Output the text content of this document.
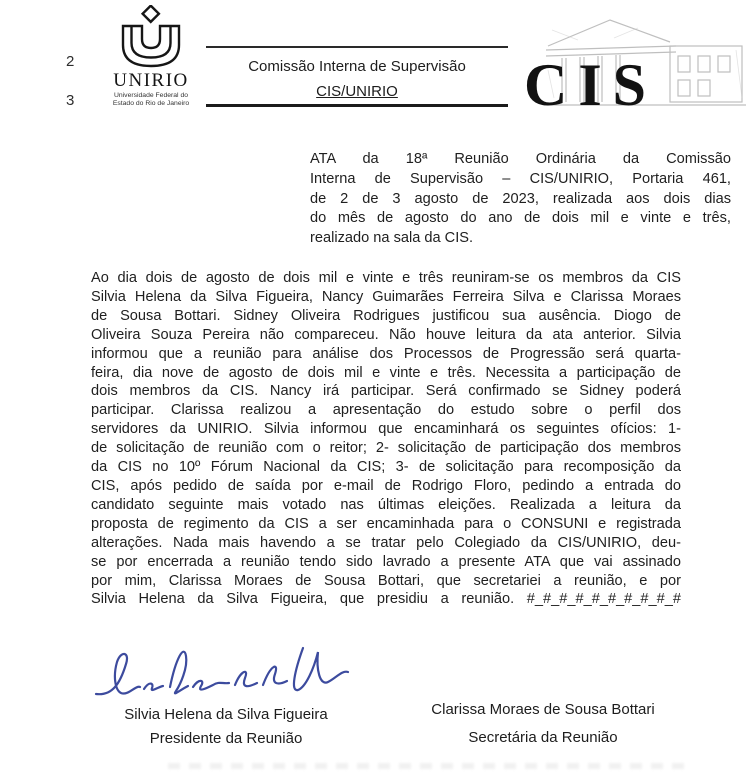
2
3
UNIRIO
Universidade Federal do
Estado do Rio de Janeiro
Comissão Interna de Supervisão
CIS/UNIRIO	CIS
ATA da 18ª Reunião Ordinária da Comissão
Interna de Supervisão – CIS/UNIRIO, Portaria 461,
de 2 de 3 agosto de 2023, realizada aos dois dias
do mês de agosto do ano de dois mil e vinte e três,
realizado na sala da CIS.
Ao dia dois de agosto de dois mil e vinte e três reuniram-se os membros da CIS
Silvia Helena da Silva Figueira, Nancy Guimarães Ferreira Silva e Clarissa Moraes
de Sousa Bottari. Sidney Oliveira Rodrigues justificou sua ausência. Diogo de
Oliveira Souza Pereira não compareceu. Não houve leitura da ata anterior. Silvia
informou que a reunião para análise dos Processos de Progressão será quarta-
feira, dia nove de agosto de dois mil e vinte e três. Necessita a participação de
dois membros da CIS. Nancy irá participar. Será confirmado se Sidney poderá
participar. Clarissa realizou a apresentação do estudo sobre o perfil dos
servidores da UNIRIO. Silvia informou que encaminhará os seguintes ofícios: 1-
de solicitação de reunião com o reitor; 2- solicitação de participação dos membros
da CIS no 10º Fórum Nacional da CIS; 3- de solicitação para recomposição da
CIS, após pedido de saída por e-mail de Rodrigo Floro, pedindo a entrada do
candidato seguinte mais votado nas últimas eleições. Realizada a leitura da
proposta de regimento da CIS a ser encaminhada para o CONSUNI e registrada
alterações. Nada mais havendo a se tratar pelo Colegiado da CIS/UNIRIO, deu-
se por encerrada a reunião tendo sido lavrado a presente ATA que vai assinado
por mim, Clarissa Moraes de Sousa Bottari, que secretariei a reunião, e por
Silvia Helena da Silva Figueira, que presidiu a reunião. #_#_#_#_#_#_#_#_#_#
Silvia Helena da Silva Figueira
Presidente da Reunião
Clarissa Moraes de Sousa Bottari
Secretária da Reunião
